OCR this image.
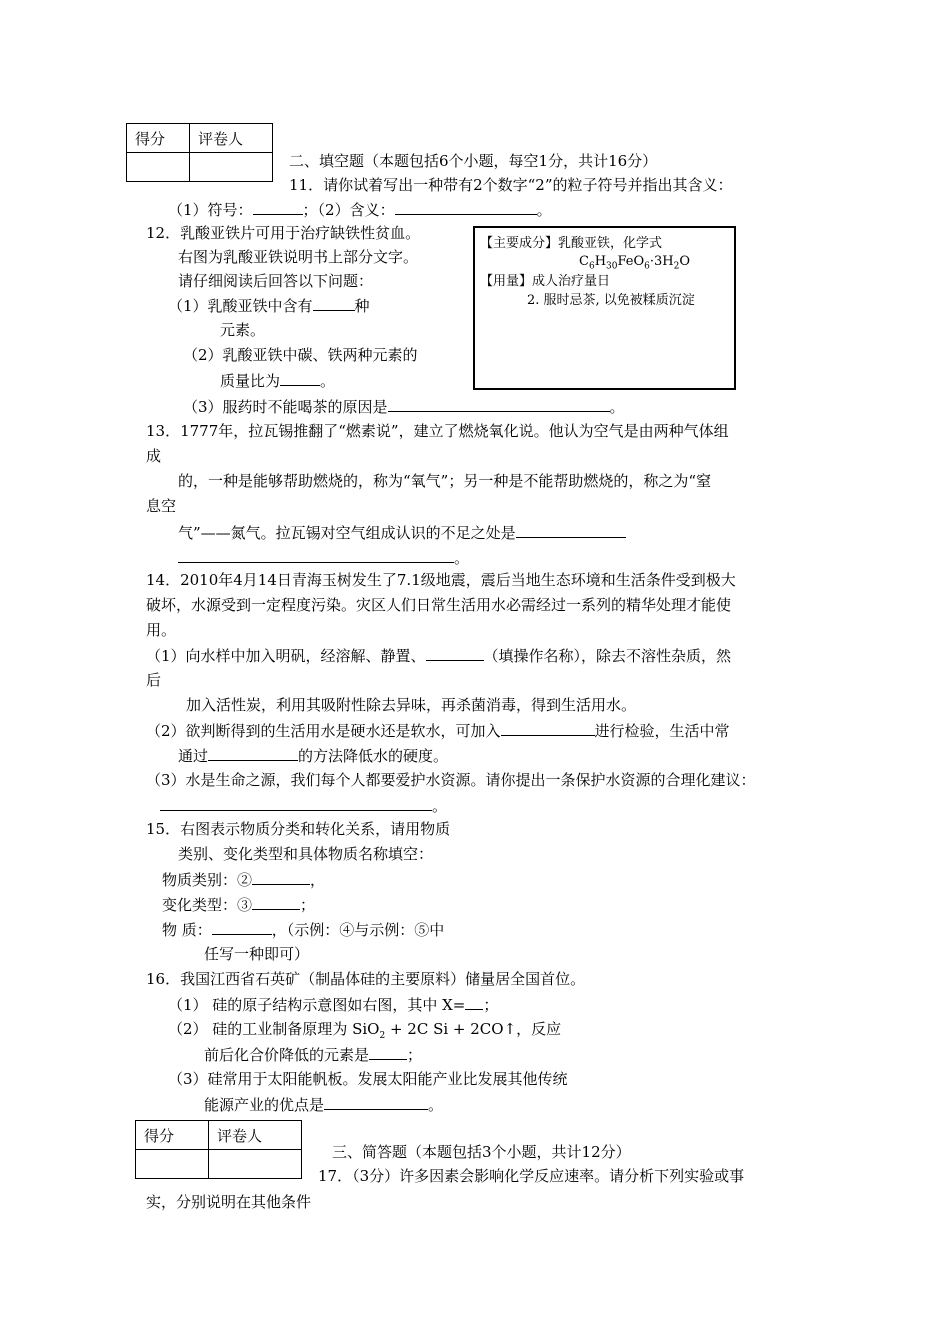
得分	评卷人

二、填空题（本题包括6个小题，每空1分，共计16分）
11．请你试着写出一种带有2个数字“2”的粒子符号并指出其含义：
（1）符号：	；（2）含义：	。
12．乳酸亚铁片可用于治疗缺铁性贫血。
右图为乳酸亚铁说明书上部分文字。
请仔细阅读后回答以下问题：
（1）乳酸亚铁中含有	种
元素。
（2）乳酸亚铁中碳、铁两种元素的
质量比为	。
（3）服药时不能喝茶的原因是	。
【主要成分】乳酸亚铁，化学式
$C_6H_{30}FeO_6\cdot 3H_2O$
【用量】成人治疗量日
2. 服时忌茶, 以免被糅质沉淀
13．1777年，拉瓦锡推翻了“燃素说”，建立了燃烧氧化说。他认为空气是由两种气体组
成
的，一种是能够帮助燃烧的，称为“氧气”；另一种是不能帮助燃烧的，称之为“窒
息空
气”——氮气。拉瓦锡对空气组成认识的不足之处是
。
14．2010年4月14日青海玉树发生了7.1级地震，震后当地生态环境和生活条件受到极大
破坏，水源受到一定程度污染。灾区人们日常生活用水必需经过一系列的精华处理才能使
用。
（1）向水样中加入明矾，经溶解、静置、	（填操作名称），除去不溶性杂质，然
后
加入活性炭，利用其吸附性除去异味，再杀菌消毒，得到生活用水。
（2）欲判断得到的生活用水是硬水还是软水，可加入	进行检验，生活中常
通过	的方法降低水的硬度。
（3）水是生命之源，我们每个人都要爱护水资源。请你提出一条保护水资源的合理化建议：
。
15．右图表示物质分类和转化关系，请用物质
类别、变化类型和具体物质名称填空：
物质类别：②	，
变化类型：③	；
物 质：	，（示例：④与示例：⑤中
任写一种即可）
16．我国江西省石英矿（制晶体硅的主要原料）储量居全国首位。
（1） 硅的原子结构示意图如右图，其中 X= ；
（2） 硅的工业制备原理为 SiO$_2$ + 2C Si + 2CO↑，反应
前后化合价降低的元素是	；
（3）硅常用于太阳能帆板。发展太阳能产业比发展其他传统
能源产业的优点是	。
得分	评卷人

三、简答题（本题包括3个小题，共计12分）
17．（3分）许多因素会影响化学反应速率。请分析下列实验或事
实，分别说明在其他条件
